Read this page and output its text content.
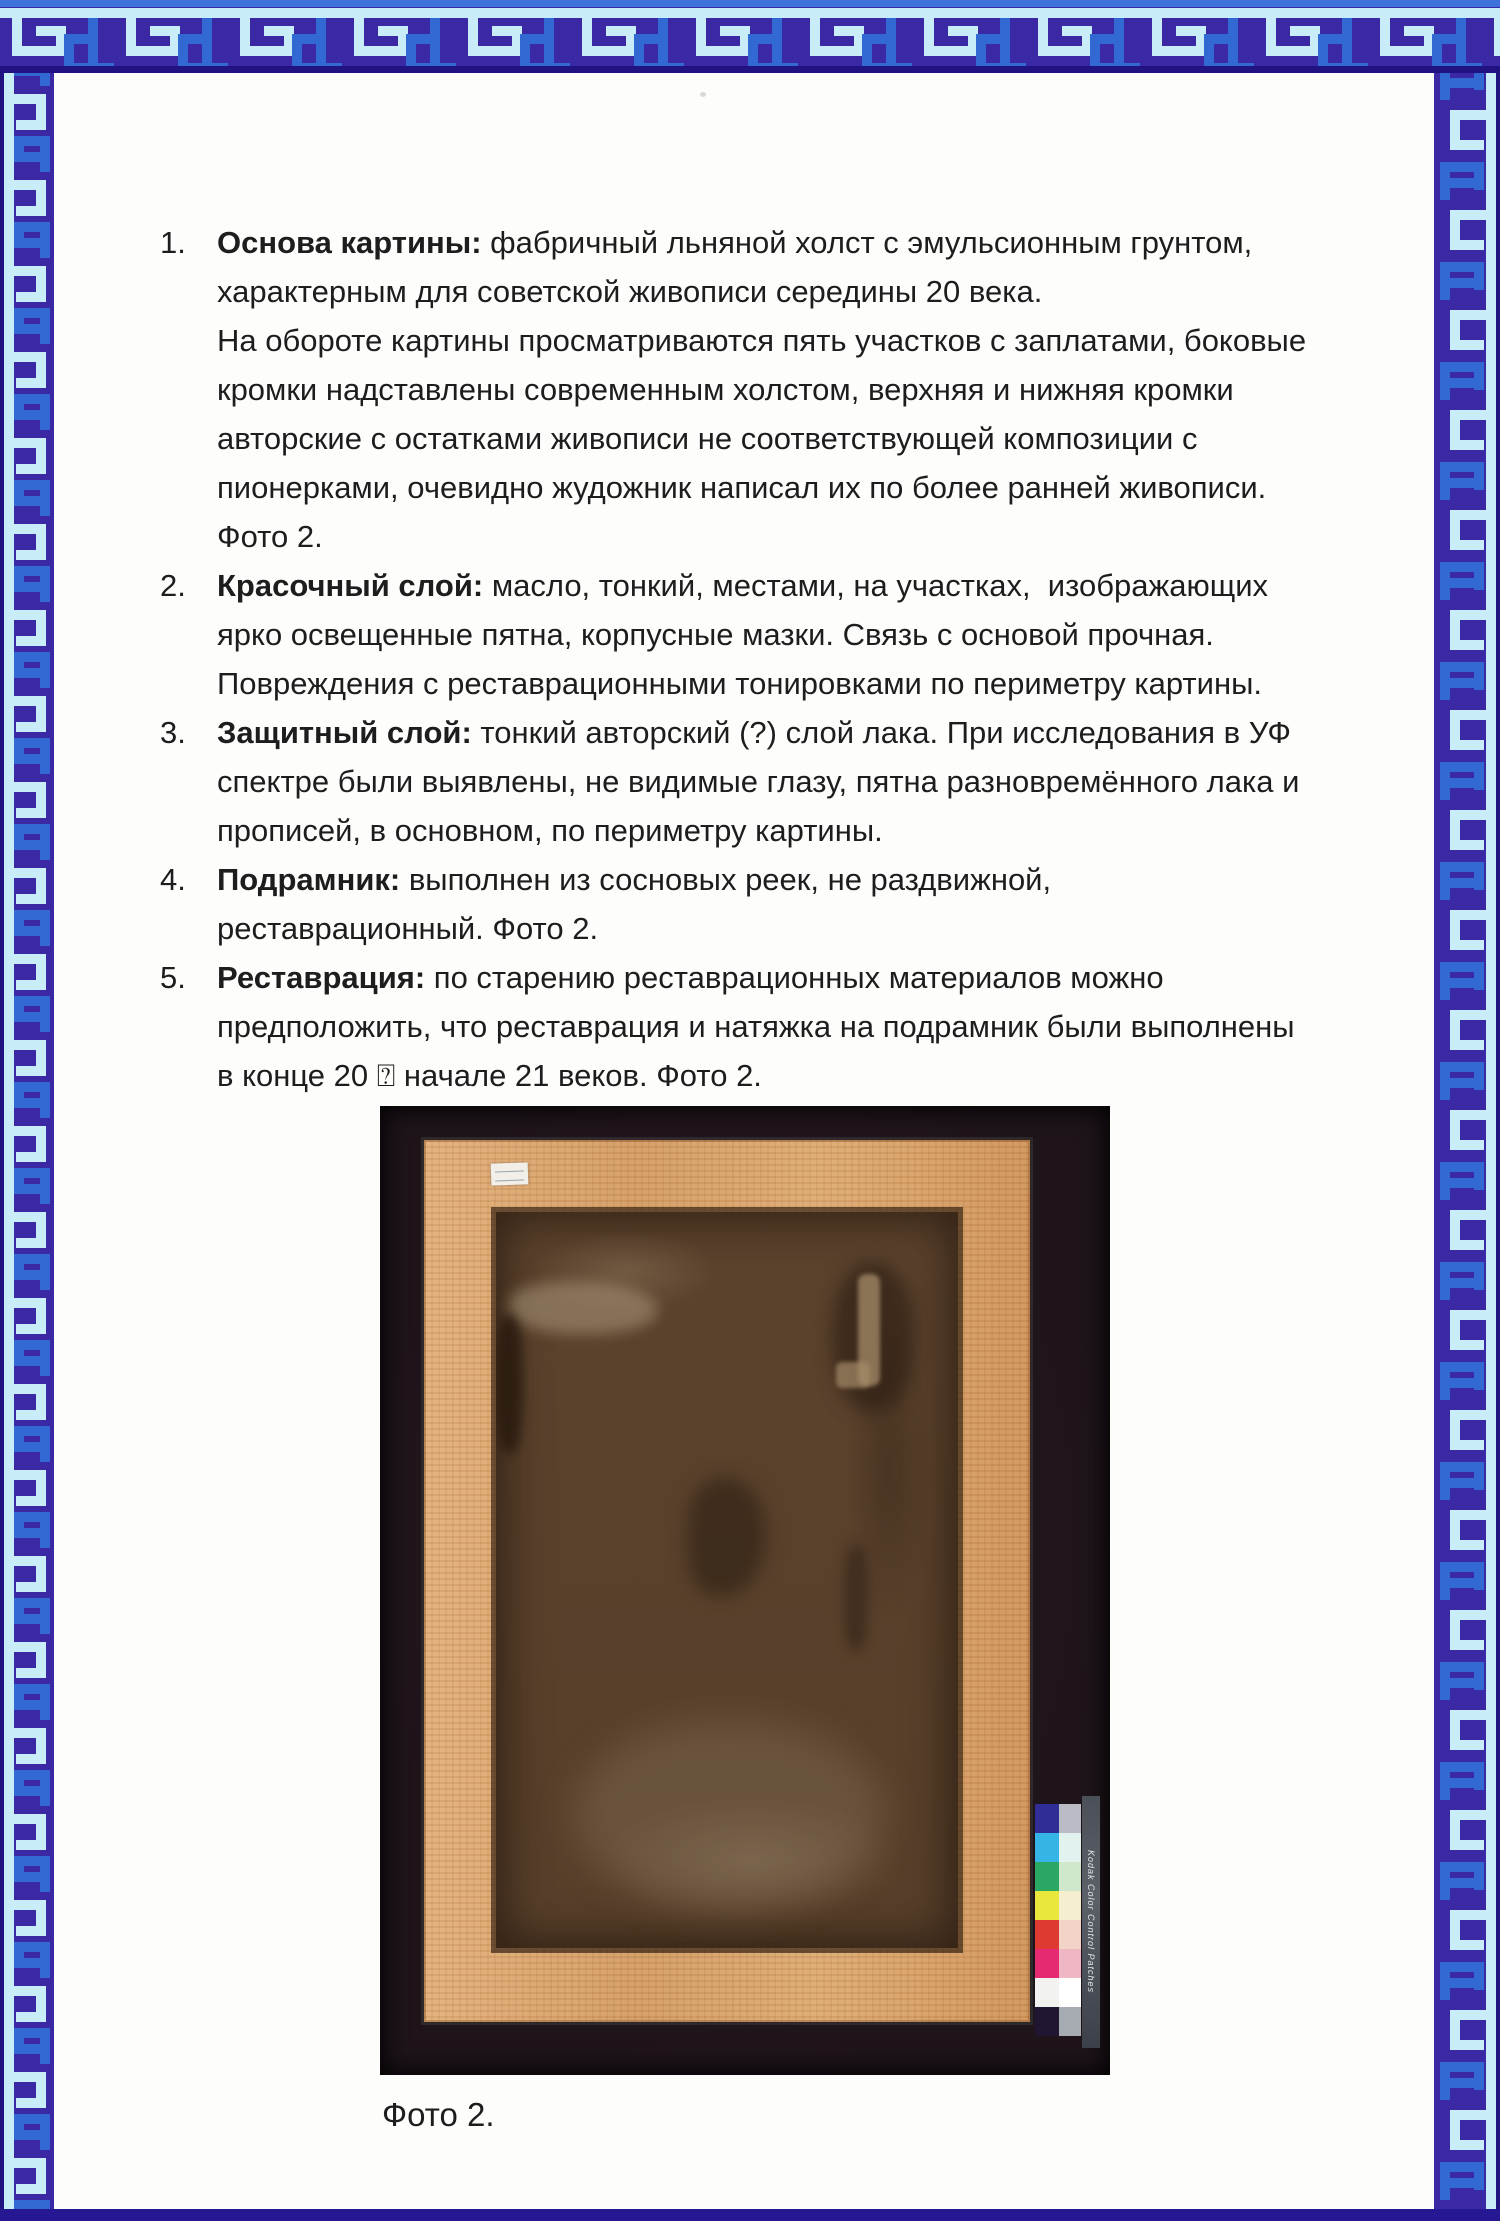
1.	Основа картины: фабричный льняной холст с эмульсионным грунтом,
характерным для советской живописи середины 20 века.
На обороте картины просматриваются пять участков с заплатами, боковые
кромки надставлены современным холстом, верхняя и нижняя кромки
авторские с остатками живописи не соответствующей композиции с
пионерками, очевидно жудожник написал их по более ранней живописи.
Фото 2.
2.	Красочный слой: масло, тонкий, местами, на участках,  изображающих
ярко освещенные пятна, корпусные мазки. Связь с основой прочная.
Повреждения с реставрационными тонировками по периметру картины.
3.	Защитный слой: тонкий авторский (?) слой лака. При исследования в УФ
спектре были выявлены, не видимые глазу, пятна разновремённого лака и
прописей, в основном, по периметру картины.
4.	Подрамник: выполнен из сосновых реек, не раздвижной,
реставрационный. Фото 2.
5.	Реставрация: по старению реставрационных материалов можно
предположить, что реставрация и натяжка на подрамник были выполнены
в конце 20 ⍰ начале 21 веков. Фото 2.
Kodak Color Control Patches
Фото 2.
